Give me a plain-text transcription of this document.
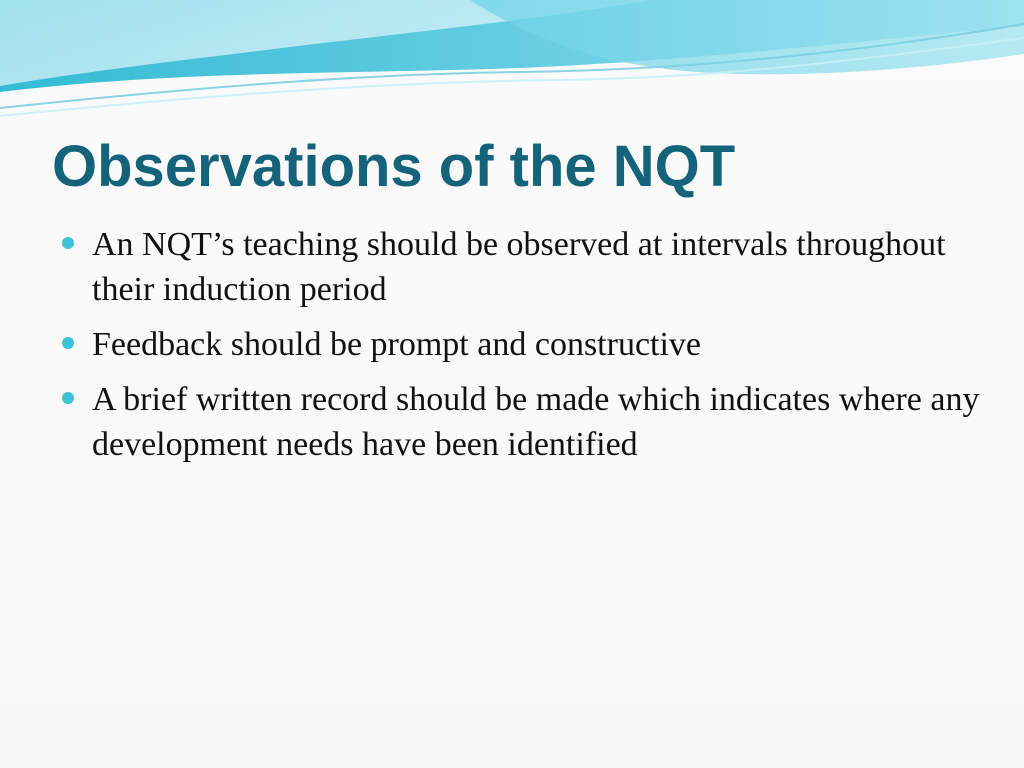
Observations of the NQT
An NQT’s teaching should be observed at intervals throughout their induction period
Feedback should be prompt and constructive
A brief written record should be made which indicates where any development needs have been identified
